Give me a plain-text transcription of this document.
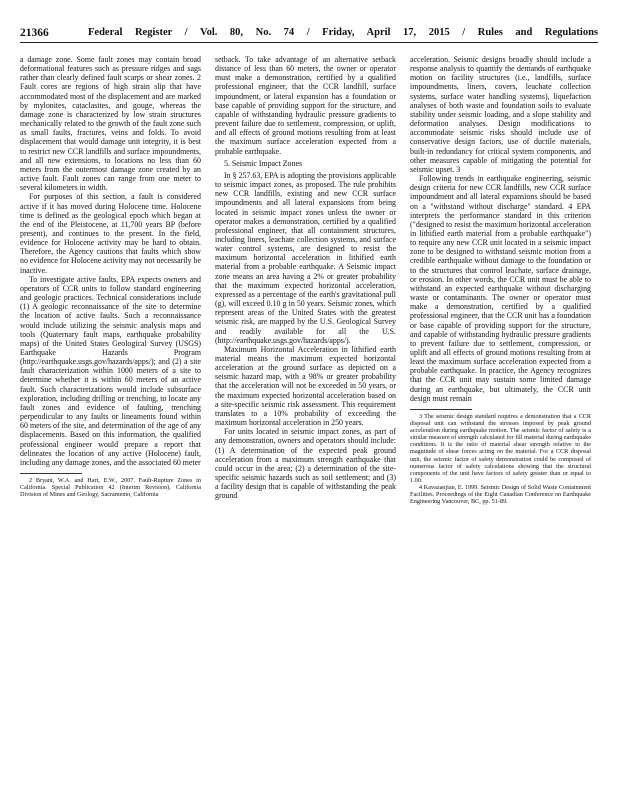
21366	Federal Register / Vol. 80, No. 74 / Friday, April 17, 2015 / Rules and Regulations

a damage zone. Some fault zones may contain broad deformational features such as pressure ridges and sags rather than clearly defined fault scarps or shear zones. 2 Fault cores are regions of high strain slip that have accommodated most of the displacement and are marked by mylonites, cataclasites, and gouge, whereas the damage zone is characterized by low strain structures mechanically related to the growth of the fault zone such as small faults, fractures, veins and folds. To avoid displacement that would damage unit integrity, it is best to restrict new CCR landfills and surface impoundments, and all new extensions, to locations no less than 60 meters from the outermost damage zone created by an active fault. Fault zones can range from one meter to several kilometers in width.

For purposes of this section, a fault is considered active if it has moved during Holocene time. Holocene time is defined as the geological epoch which began at the end of the Pleistocene, at 11,700 years BP (before present), and continues to the present. In the field, evidence for Holocene activity may be hard to obtain. Therefore, the Agency cautions that faults which show no evidence for Holocene activity may not necessarily be inactive.

To investigate active faults, EPA expects owners and operators of CCR units to follow standard engineering and geologic practices. Technical considerations include (1) A geologic reconnaissance of the site to determine the location of active faults. Such a reconnaissance would include utilizing the seismic analysis maps and tools (Quaternary fault maps, earthquake probability maps) of the United States Geological Survey (USGS) Earthquake Hazards Program (http://earthquake.usgs.gov/hazards/apps/); and (2) a site fault characterization within 1000 meters of a site to determine whether it is within 60 meters of an active fault. Such characterizations would include subsurface exploration, including drilling or trenching, to locate any fault zones and evidence of faulting, trenching perpendicular to any faults or lineaments found within 60 meters of the site, and determination of the age of any displacements. Based on this information, the qualified professional engineer would prepare a report that delineates the location of any active (Holocene) fault, including any damage zones, and the associated 60 meter

2 Bryant, W.A. and Hart, E.W., 2007. Fault-Rupture Zones in California. Special Publication 42 (Interim Revision), California Division of Mines and Geology, Sacramento, California

setback. To take advantage of an alternative setback distance of less than 60 meters, the owner or operator must make a demonstration, certified by a qualified professional engineer, that the CCR landfill, surface impoundment, or lateral expansion has a foundation or base capable of providing support for the structure, and capable of withstanding hydraulic pressure gradients to prevent failure due to settlement, compression, or uplift, and all effects of ground motions resulting from at least the maximum surface acceleration expected from a probable earthquake.

5. Seismic Impact Zones

In § 257.63, EPA is adopting the provisions applicable to seismic impact zones, as proposed. The rule prohibits new CCR landfills, existing and new CCR surface impoundments and all lateral expansions from being located in seismic impact zones unless the owner or operator makes a demonstration, certified by a qualified professional engineer, that all containment structures, including liners, leachate collection systems, and surface water control systems, are designed to resist the maximum horizontal acceleration in lithified earth material from a probable earthquake. A Seismic impact zone means an area having a 2% or greater probability that the maximum expected horizontal acceleration, expressed as a percentage of the earth's gravitational pull (g), will exceed 0.10 g in 50 years. Seismic zones, which represent areas of the United States with the greatest seismic risk, are mapped by the U.S. Geological Survey and readily available for all the U.S. (http://earthquake.usgs.gov/hazards/apps/).

Maximum Horizontal Acceleration in lithified earth material means the maximum expected horizontal acceleration at the ground surface as depicted on a seismic hazard map, with a 98% or greater probability that the acceleration will not be exceeded in 50 years, or the maximum expected horizontal acceleration based on a site-specific seismic risk assessment. This requirement translates to a 10% probability of exceeding the maximum horizontal acceleration in 250 years.

For units located in seismic impact zones, as part of any demonstration, owners and operators should include: (1) A determination of the expected peak ground acceleration from a maximum strength earthquake that could occur in the area; (2) a determination of the site-specific seismic hazards such as soil settlement; and (3) a facility design that is capable of withstanding the peak ground

acceleration. Seismic designs broadly should include a response analysis to quantify the demands of earthquake motion on facility structures (i.e., landfills, surface impoundments, liners, covers, leachate collection systems, surface water handling systems), liquefaction analyses of both waste and foundation soils to evaluate stability under seismic loading, and a slope stability and deformation analyses. Design modifications to accommodate seismic risks should include use of conservative design factors, use of ductile materials, built-in redundancy for critical system components, and other measures capable of mitigating the potential for seismic upset. 3

Following trends in earthquake engineering, seismic design criteria for new CCR landfills, new CCR surface impoundment and all lateral expansions should be based on a "withstand without discharge" standard. 4 EPA interprets the performance standard in this criterion ("designed to resist the maximum horizontal acceleration in lithified earth material from a probable earthquake") to require any new CCR unit located in a seismic impact zone to be designed to withstand seismic motion from a credible earthquake without damage to the foundation or to the structures that control leachate, surface drainage, or erosion. In other words, the CCR unit must be able to withstand an expected earthquake without discharging waste or contaminants. The owner or operator must make a demonstration, certified by a qualified professional engineer, that the CCR unit has a foundation or base capable of providing support for the structure, and capable of withstanding hydraulic pressure gradients to prevent failure due to settlement, compression, or uplift and all effects of ground motions resulting from at least the maximum surface acceleration expected from a probable earthquake. In practice, the Agency recognizes that the CCR unit may sustain some limited damage during an earthquake, but ultimately, the CCR unit design must remain

3 The seismic design standard requires a demonstration that a CCR disposal unit can withstand the stresses imposed by peak ground acceleration during earthquake motion. The seismic factor of safety is a similar measure of strength calculated for fill material during earthquake conditions. It is the ratio of material shear strength relative to the magnitude of shear forces acting on the material. For a CCR disposal unit, the seismic factor of safety demonstration could be composed of numerous factor of safety calculations showing that the structural components of the unit have factors of safety greater than or equal to 1.00.

4 Kavazanjian, E. 1999. Seismic Design of Solid Waste Containment Facilities. Proceedings of the Eight Canadian Conference on Earthquake Engineering Vancouver, BC, pp. 51-89.
